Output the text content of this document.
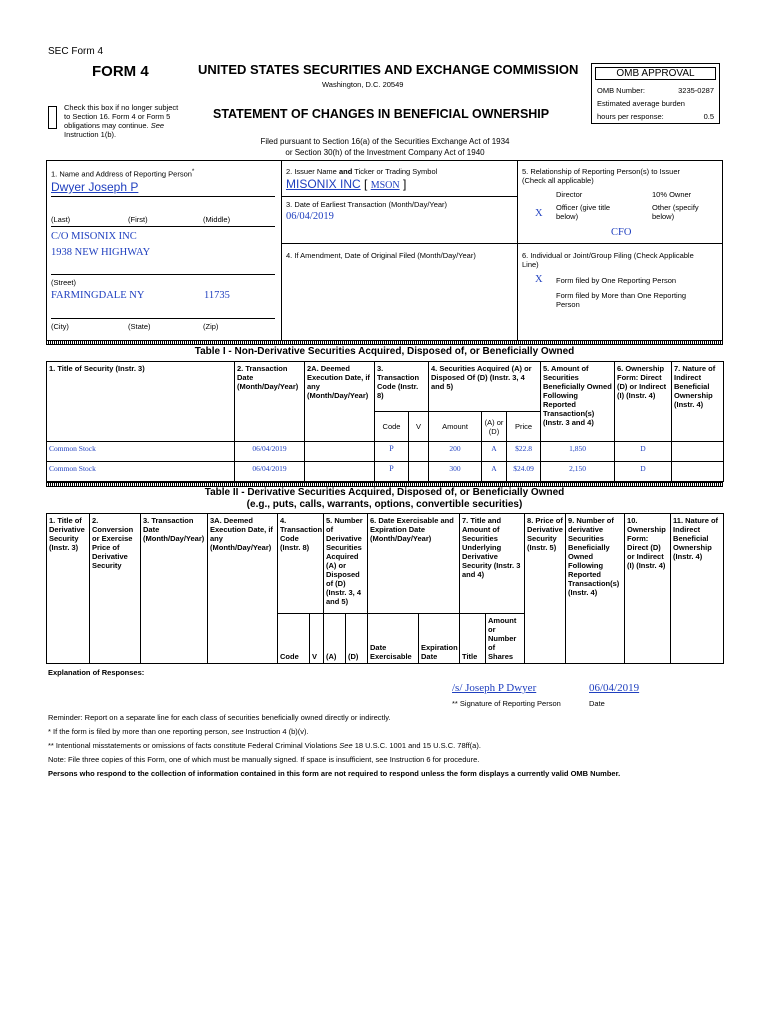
SEC Form 4
FORM 4	UNITED STATES SECURITIES AND EXCHANGE COMMISSION
Washington, D.C. 20549
Check this box if no longer subject
to Section 16. Form 4 or Form 5
obligations may continue. See
Instruction 1(b).
STATEMENT OF CHANGES IN BENEFICIAL OWNERSHIP
Filed pursuant to Section 16(a) of the Securities Exchange Act of 1934
or Section 30(h) of the Investment Company Act of 1940
OMB APPROVAL
OMB Number:	3235-0287
Estimated average burden
hours per response:	0.5
1. Name and Address of Reporting Person*
Dwyer Joseph P
(Last)	(First)	(Middle)
C/O MISONIX INC
1938 NEW HIGHWAY
(Street)
FARMINGDALE NY	11735
(City)	(State)	(Zip)
2. Issuer Name and Ticker or Trading Symbol
MISONIX INC [ MSON ]
3. Date of Earliest Transaction (Month/Day/Year)
06/04/2019
4. If Amendment, Date of Original Filed (Month/Day/Year)
5. Relationship of Reporting Person(s) to Issuer
(Check all applicable)
Director	10% Owner
X
Officer (give title
below)
Other (specify
below)
CFO
6. Individual or Joint/Group Filing (Check Applicable
Line)
X Form filed by One Reporting Person
Form filed by More than One Reporting
Person
Table I - Non-Derivative Securities Acquired, Disposed of, or Beneficially Owned
1. Title of Security (Instr. 3)	2. Transaction Date (Month/Day/Year)	2A. Deemed Execution Date, if any (Month/Day/Year)	3. Transaction Code (Instr. 8)		4. Securities Acquired (A) or Disposed Of (D) (Instr. 3, 4 and 5)			5. Amount of Securities Beneficially Owned Following Reported Transaction(s) (Instr. 3 and 4)	6. Ownership Form: Direct (D) or Indirect (I) (Instr. 4)	7. Nature of Indirect Beneficial Ownership (Instr. 4)
			Code	V	Amount	(A) or (D)	Price			
Common Stock	06/04/2019		P		200	A	$22.8	1,850	D	
Common Stock	06/04/2019		P		300	A	$24.09	2,150	D	
Table II - Derivative Securities Acquired, Disposed of, or Beneficially Owned
(e.g., puts, calls, warrants, options, convertible securities)
1. Title of Derivative Security (Instr. 3)	2. Conversion or Exercise Price of Derivative Security	3. Transaction Date (Month/Day/Year)	3A. Deemed Execution Date, if any (Month/Day/Year)	4. Transaction Code (Instr. 8)		5. Number of Derivative Securities Acquired (A) or Disposed of (D) (Instr. 3, 4 and 5)		6. Date Exercisable and Expiration Date (Month/Day/Year)		7. Title and Amount of Securities Underlying Derivative Security (Instr. 3 and 4)		8. Price of Derivative Security (Instr. 5)	9. Number of derivative Securities Beneficially Owned Following Reported Transaction(s) (Instr. 4)	10. Ownership Form: Direct (D) or Indirect (I) (Instr. 4)	11. Nature of Indirect Beneficial Ownership (Instr. 4)
				Code	V	(A)	(D)	Date Exercisable	Expiration Date	Title	Amount or Number of Shares				
Explanation of Responses:
/s/ Joseph P Dwyer	06/04/2019
** Signature of Reporting Person	Date
Reminder: Report on a separate line for each class of securities beneficially owned directly or indirectly.
* If the form is filed by more than one reporting person, see Instruction 4 (b)(v).
** Intentional misstatements or omissions of facts constitute Federal Criminal Violations See 18 U.S.C. 1001 and 15 U.S.C. 78ff(a).
Note: File three copies of this Form, one of which must be manually signed. If space is insufficient, see Instruction 6 for procedure.
Persons who respond to the collection of information contained in this form are not required to respond unless the form displays a currently valid OMB Number.
